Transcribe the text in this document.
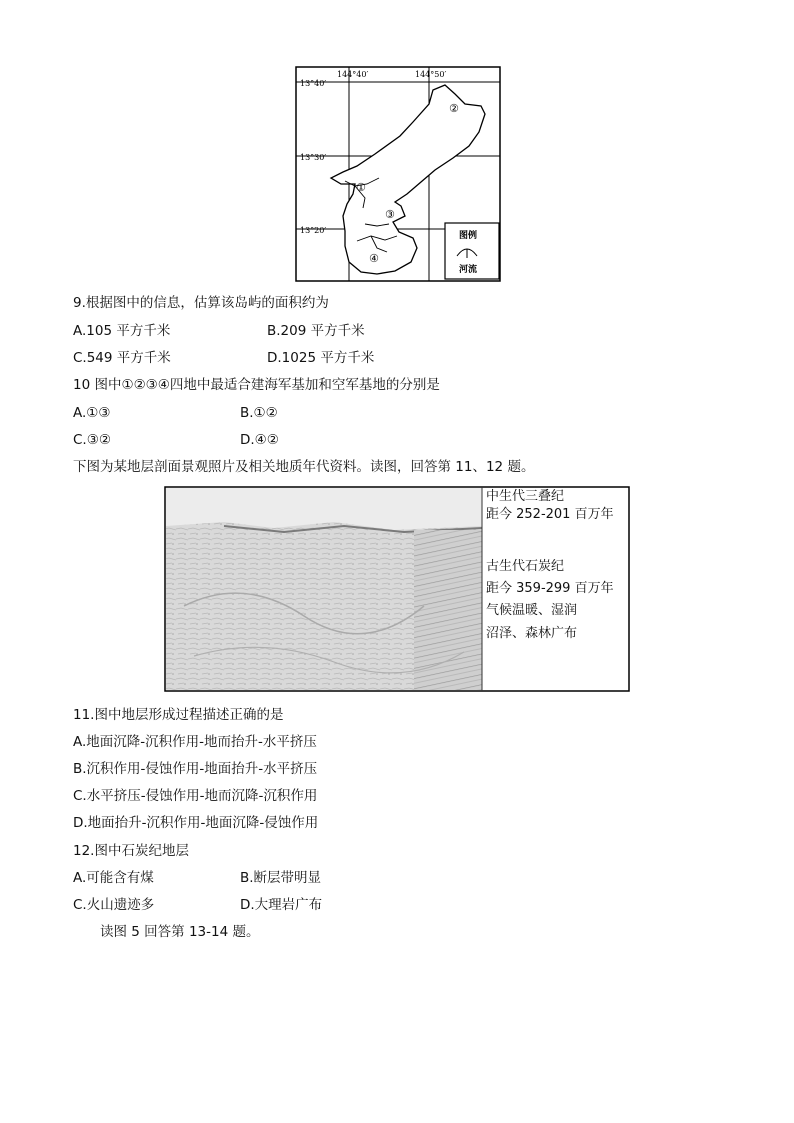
144°40′	144°50′
13°40′
13°30′
13°20′
①
②
③
④
图例
河流
9.根据图中的信息，估算该岛屿的面积约为
A.105 平方千米	B.209 平方千米
C.549 平方千米	D.1025 平方千米
10 图中①②③④四地中最适合建海军基加和空军基地的分别是
A.①③	B.①②
C.③②	D.④②
下图为某地层剖面景观照片及相关地质年代资料。读图，回答第 11、12 题。
中生代三叠纪
距今 252-201 百万年
古生代石炭纪
距今 359-299 百万年
气候温暖、湿润
沼泽、森林广布
11.图中地层形成过程描述正确的是
A.地面沉降-沉积作用-地而抬升-水平挤压
B.沉积作用-侵蚀作用-地面抬升-水平挤压
C.水平挤压-侵蚀作用-地而沉降-沉积作用
D.地面抬升-沉积作用-地面沉降-侵蚀作用
12.图中石炭纪地层
A.可能含有煤	B.断层带明显
C.火山遗迹多	D.大理岩广布
读图 5 回答第 13-14 题。
